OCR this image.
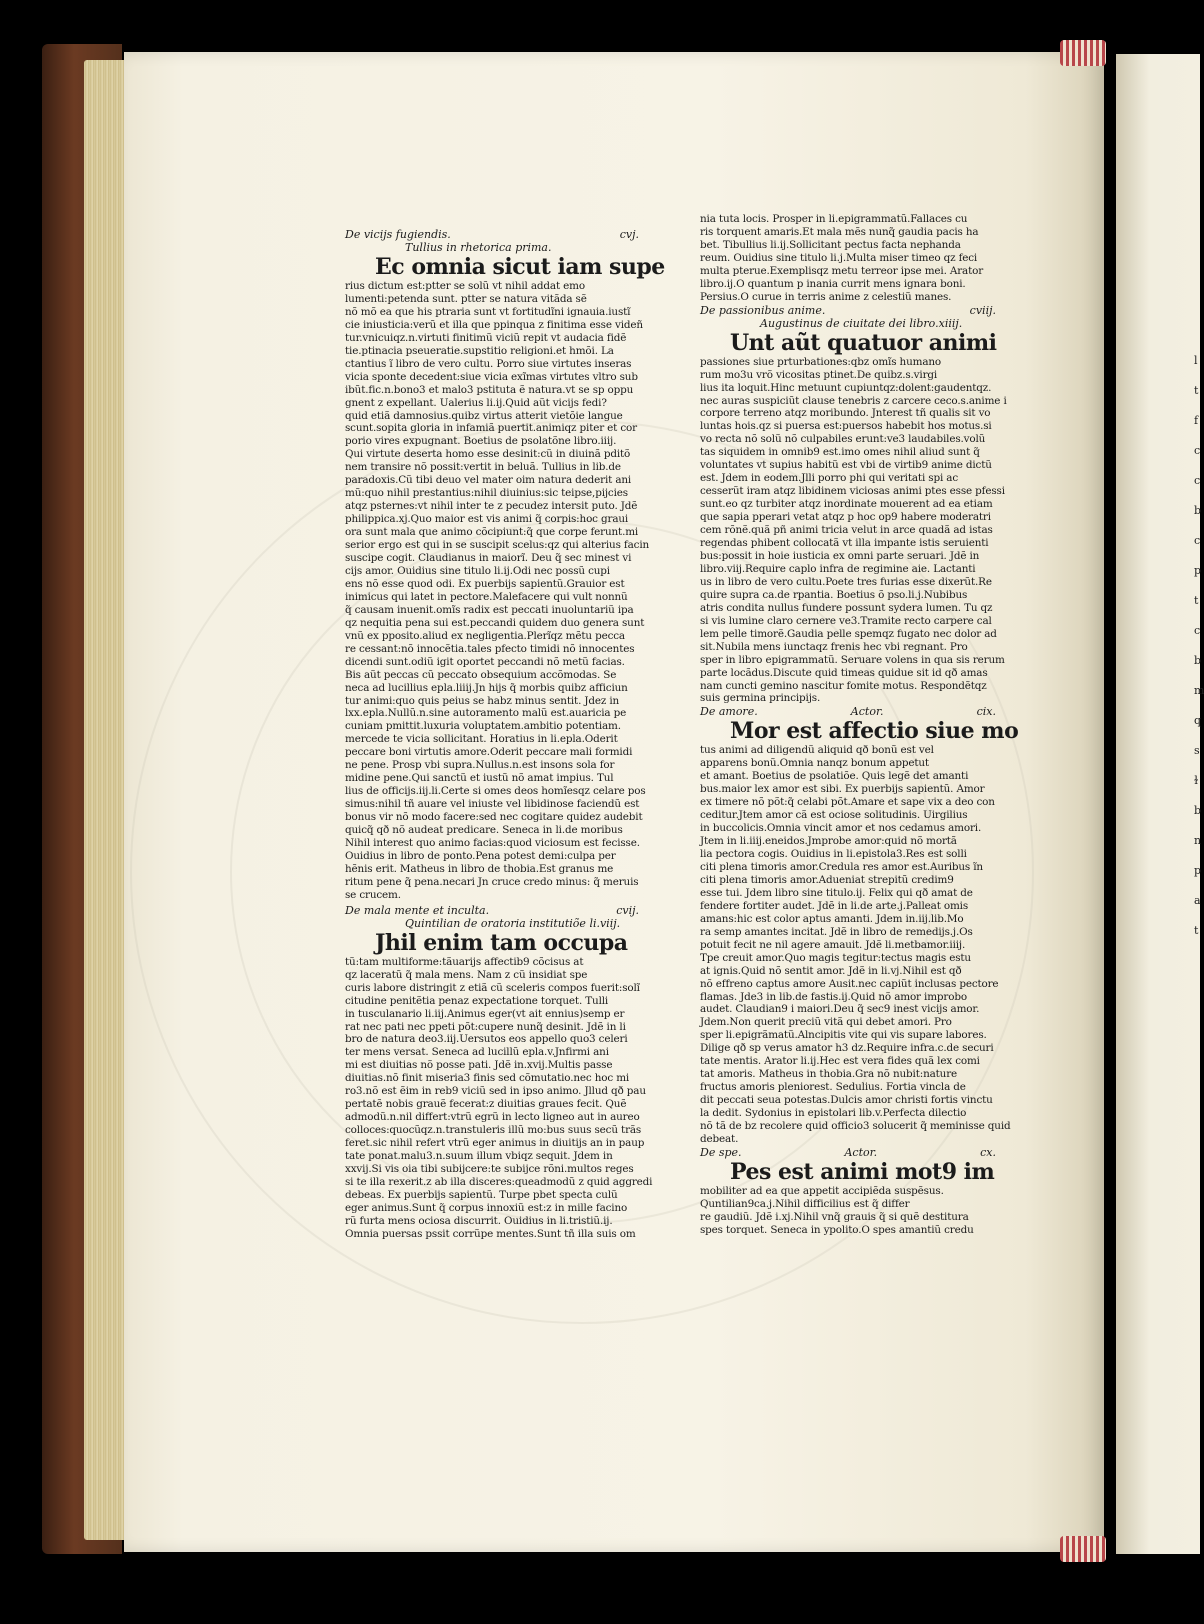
l
t
f
c
c
b
c
p
t
c
b
m
q
s
ɫ
b
n
p
a
t
De vicijs fugiendis.	cvj.
Tullius in rhetorica prima.
Ec omnia sicut iam supe
rius dictum est:ptter se solũ vt nihil addat emo
lumenti:petenda sunt. ptter se natura vitãda sẽ
nõ mõ ea que his ptraria sunt vt fortitudĩni ignauia.iustĩ
cie iniusticia:verũ et illa que ppinqua z finitima esse videñ
tur.vnicuiqz.n.virtuti finitimũ viciũ repit vt audacia fidẽ
tie.ptinacia pseueratie.supstitio religioni.et hmõi. La
ctantius ĩ libro de vero cultu. Porro siue virtutes inseras
vicia sponte decedent:siue vicia exĩmas virtutes vltro sub
ibũt.fic.n.bono3 et malo3 pstituta ẽ natura.vt se sp oppu
gnent z expellant. Ualerius li.ij.Quid aũt vicijs fedi?
quid etiã damnosius.quibz virtus atterit vietõie langue
scunt.sopita gloria in infamiã puertit.animiqz piter et cor
porio vires expugnant. Boetius de psolatõne libro.iiij.
Qui virtute deserta homo esse desinit:cũ in diuinã pditõ
nem transire nõ possit:vertit in beluã. Tullius in lib.de
paradoxis.Cũ tibi deuo vel mater oim natura dederit ani
mũ:quo nihil prestantius:nihil diuinius:sic teipse,pijcies
atqz psternes:vt nihil inter te z pecudez intersit puto. Jdẽ
philippica.xj.Quo maior est vis animi q̃ corpis:hoc graui
ora sunt mala que animo cõcipiunt:q̃ que corpe ferunt.mi
serior ergo est qui in se suscipit scelus:qz qui alterius facin
suscipe cogit. Claudianus in maiorĩ. Deu q̃ sec minest vi
cijs amor. Ouidius sine titulo li.ij.Odi nec possũ cupi
ens nõ esse quod odi. Ex puerbijs sapientũ.Grauior est
inimicus qui latet in pectore.Malefacere qui vult nonnũ
q̃ causam inuenit.omĩs radix est peccati inuoluntariũ ipa
qz nequitia pena sui est.peccandi quidem duo genera sunt
vnũ ex pposito.aliud ex negligentia.Plerĩqz mẽtu pecca
re cessant:nõ innocẽtia.tales pfecto timidi nõ innocentes
dicendi sunt.odiũ igit oportet peccandi nõ metũ facias.
Bis aũt peccas cũ peccato obsequium accõmodas. Se
neca ad lucillius epla.liiij.Jn hijs q̃ morbis quibz afficiun
tur animi:quo quis peius se habz minus sentit. Jdez in
lxx.epla.Nullũ.n.sine autoramento malũ est.auaricia pe
cuniam pmittit.luxuria voluptatem.ambitio potentiam.
mercede te vicia sollicitant. Horatius in li.epla.Oderit
peccare boni virtutis amore.Oderit peccare mali formidi
ne pene. Prosp vbi supra.Nullus.n.est insons sola for
midine pene.Qui sanctũ et iustũ nõ amat impius. Tul
lius de officijs.iij.li.Certe si omes deos homĩesqz celare pos
simus:nihil tñ auare vel iniuste vel libidinose faciendũ est
bonus vir nõ modo facere:sed nec cogitare quidez audebit
quicq̃ qð nõ audeat predicare. Seneca in li.de moribus
Nihil interest quo animo facias:quod viciosum est fecisse.
Ouidius in libro de ponto.Pena potest demi:culpa per
hẽnis erit. Matheus in libro de thobia.Est granus me
ritum pene q̃ pena.necari Jn cruce credo minus: q̃ meruis
se crucem.
De mala mente et inculta.	cvij.
Quintilian de oratoria institutiõe li.viij.
Jhil enim tam occupa
tũ:tam multiforme:tãuarijs affectib9 cõcisus at
qz laceratũ q̃ mala mens. Nam z cũ insidiat spe
curis labore distringit z etiã cũ sceleris compos fuerit:solĩ
citudine penitẽtia penaz expectatione torquet. Tulli
in tusculanario li.iij.Animus eger(vt ait ennius)semp er
rat nec pati nec ppeti põt:cupere nunq̃ desinit. Jdẽ in li
bro de natura deo3.iij.Uersutos eos appello quo3 celeri
ter mens versat. Seneca ad lucillũ epla.v.Jnfirmi ani
mi est diuitias nõ posse pati. Jdẽ in.xvij.Multis passe
diuitias.nõ finit miseria3 finis sed cõmutatio.nec hoc mi
ro3.nõ est ẽim in reb9 viciũ sed in ipso animo. Jllud qð pau
pertatẽ nobis grauẽ fecerat:z diuitias graues fecit. Quẽ
admodũ.n.nil differt:vtrũ egrũ in lecto ligneo aut in aureo
colloces:quocũqz.n.transtuleris illũ mo:bus suus secũ trãs
feret.sic nihil refert vtrũ eger animus in diuitijs an in paup
tate ponat.malu3.n.suum illum vbiqz sequit. Jdem in
xxvij.Si vis oia tibi subijcere:te subijce rõni.multos reges
si te illa rexerit.z ab illa disceres:queadmodũ z quid aggredi
debeas. Ex puerbijs sapientũ. Turpe pbet specta culũ
eger animus.Sunt q̃ corpus innoxiũ est:z in mille facino
rũ furta mens ociosa discurrit. Ouidius in li.tristiũ.ij.
Omnia puersas pssit corrũpe mentes.Sunt tñ illa suis om
nia tuta locis. Prosper in li.epigrammatũ.Fallaces cu
ris torquent amaris.Et mala mẽs nunq̃ gaudia pacis ha
bet. Tibullius li.ij.Sollicitant pectus facta nephanda
reum. Ouidius sine titulo li.j.Multa miser timeo qz feci
multa pterue.Exemplisqz metu terreor ipse mei. Arator
libro.ij.O quantum p inania currit mens ignara boni.
Persius.O curue in terris anime z celestiũ manes.
De passionibus anime.	cviij.
Augustinus de ciuitate dei libro.xiiij.
Unt aũt quatuor animi
passiones siue prturbationes:qbz omĩs humano
rum mo3u vrõ vicositas ptinet.De quibz.s.virgi
lius ita loquit.Hinc metuunt cupiuntqz:dolent:gaudentqz.
nec auras suspiciũt clause tenebris z carcere ceco.s.anime i
corpore terreno atqz moribundo. Jnterest tñ qualis sit vo
luntas hois.qz si puersa est:puersos habebit hos motus.si
vo recta nõ solũ nõ culpabiles erunt:ve3 laudabiles.volũ
tas siquidem in omnib9 est.imo omes nihil aliud sunt q̃
voluntates vt supius habitũ est vbi de virtib9 anime dictũ
est. Jdem in eodem.Jlli porro phi qui veritati spi ac
cesserũt iram atqz libidinem viciosas animi ptes esse pfessi
sunt.eo qz turbiter atqz inordinate mouerent ad ea etiam
que sapia pperari vetat atqz p hoc op9 habere moderatri
cem rõnẽ.quã pñ animi tricia velut in arce quadã ad istas
regendas phibent collocatã vt illa impante istis seruienti
bus:possit in hoie iusticia ex omni parte seruari. Jdẽ in
libro.viij.Require caplo infra de regimine aie. Lactanti
us in libro de vero cultu.Poete tres furias esse dixerũt.Re
quire supra ca.de rpantia. Boetius õ pso.li.j.Nubibus
atris condita nullus fundere possunt sydera lumen. Tu qz
si vis lumine claro cernere ve3.Tramite recto carpere cal
lem pelle timorẽ.Gaudia pelle spemqz fugato nec dolor ad
sit.Nubila mens iunctaqz frenis hec vbi regnant. Pro
sper in libro epigrammatũ. Seruare volens in qua sis rerum
parte locãdus.Discute quid timeas quidue sit id qð amas
nam cuncti gemino nascitur fomite motus. Respondẽtqz
suis germina principijs.
De amore.	Actor.	cix.
Mor est affectio siue mo
tus animi ad diligendũ aliquid qð bonũ est vel
apparens bonũ.Omnia nanqz bonum appetut
et amant. Boetius de psolatiõe. Quis legẽ det amanti
bus.maior lex amor est sibi. Ex puerbijs sapientũ. Amor
ex timere nõ põt:q̃ celabi põt.Amare et sape vix a deo con
ceditur.Jtem amor cã est ociose solitudinis. Uirgilius
in buccolicis.Omnia vincit amor et nos cedamus amori.
Jtem in li.iiij.eneidos.Jmprobe amor:quid nõ mortã
lia pectora cogis. Ouidius in li.epistola3.Res est solli
citi plena timoris amor.Credula res amor est.Auribus ĩn
citi plena timoris amor.Adueniat strepitũ credim9
esse tui. Jdem libro sine titulo.ij. Felix qui qð amat de
fendere fortiter audet. Jdẽ in li.de arte.j.Palleat omis
amans:hic est color aptus amanti. Jdem in.iij.lib.Mo
ra semp amantes incitat. Jdẽ in libro de remedijs.j.Os
potuit fecit ne nil agere amauit. Jdẽ li.metbamor.iiij.
Tpe creuit amor.Quo magis tegitur:tectus magis estu
at ignis.Quid nõ sentit amor. Jdẽ in li.vj.Nihil est qð
nõ effreno captus amore Ausit.nec capiũt inclusas pectore
flamas. Jde3 in lib.de fastis.ij.Quid nõ amor improbo
audet. Claudian9 i maiori.Deu q̃ sec9 inest vicijs amor.
Jdem.Non querit preciũ vitã qui debet amori. Pro
sper li.epigrãmatũ.Alncipitis vite qui vis supare labores.
Dilige qð sp verus amator h3 dz.Require infra.c.de securi
tate mentis. Arator li.ij.Hec est vera fides quã lex comi
tat amoris. Matheus in thobia.Gra nõ nubit:nature
fructus amoris pleniorest. Sedulius. Fortia vincla de
dit peccati seua potestas.Dulcis amor christi fortis vinctu
la dedit. Sydonius in epistolari lib.v.Perfecta dilectio
nõ tã de bz recolere quid officio3 solucerit q̃ meminisse quid
debeat.
De spe.	Actor.	cx.
Pes est animi mot9 im
mobiliter ad ea que appetit accipiẽda suspẽsus.
Quntilian9ca.j.Nihil difficilius est q̃ differ
re gaudiũ. Jdẽ i.xj.Nihil vnq̃ grauis q̃ si quẽ destitura
spes torquet. Seneca in ypolito.O spes amantiũ credu
